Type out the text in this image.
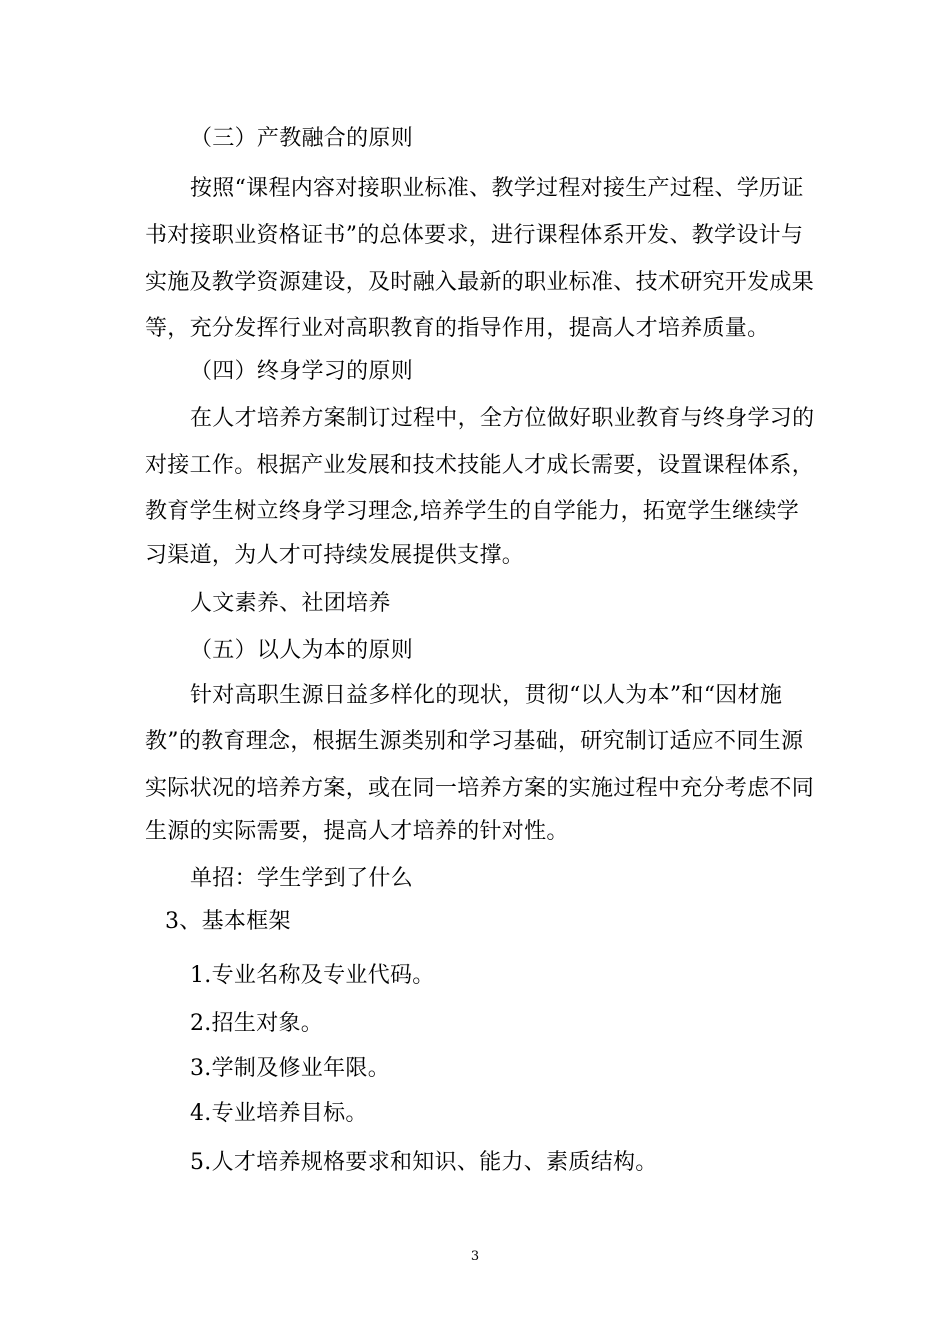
（三）产教融合的原则
按照“课程内容对接职业标准、教学过程对接生产过程、学历证
书对接职业资格证书”的总体要求，进行课程体系开发、教学设计与
实施及教学资源建设，及时融入最新的职业标准、技术研究开发成果
等，充分发挥行业对高职教育的指导作用，提高人才培养质量。
（四）终身学习的原则
在人才培养方案制订过程中，全方位做好职业教育与终身学习的
对接工作。根据产业发展和技术技能人才成长需要，设置课程体系，
教育学生树立终身学习理念,培养学生的自学能力，拓宽学生继续学
习渠道，为人才可持续发展提供支撑。
人文素养、社团培养
（五）以人为本的原则
针对高职生源日益多样化的现状，贯彻“以人为本”和“因材施
教”的教育理念，根据生源类别和学习基础，研究制订适应不同生源
实际状况的培养方案，或在同一培养方案的实施过程中充分考虑不同
生源的实际需要，提高人才培养的针对性。
单招：学生学到了什么
3、基本框架
1.专业名称及专业代码。
2.招生对象。
3.学制及修业年限。
4.专业培养目标。
5.人才培养规格要求和知识、能力、素质结构。
3
